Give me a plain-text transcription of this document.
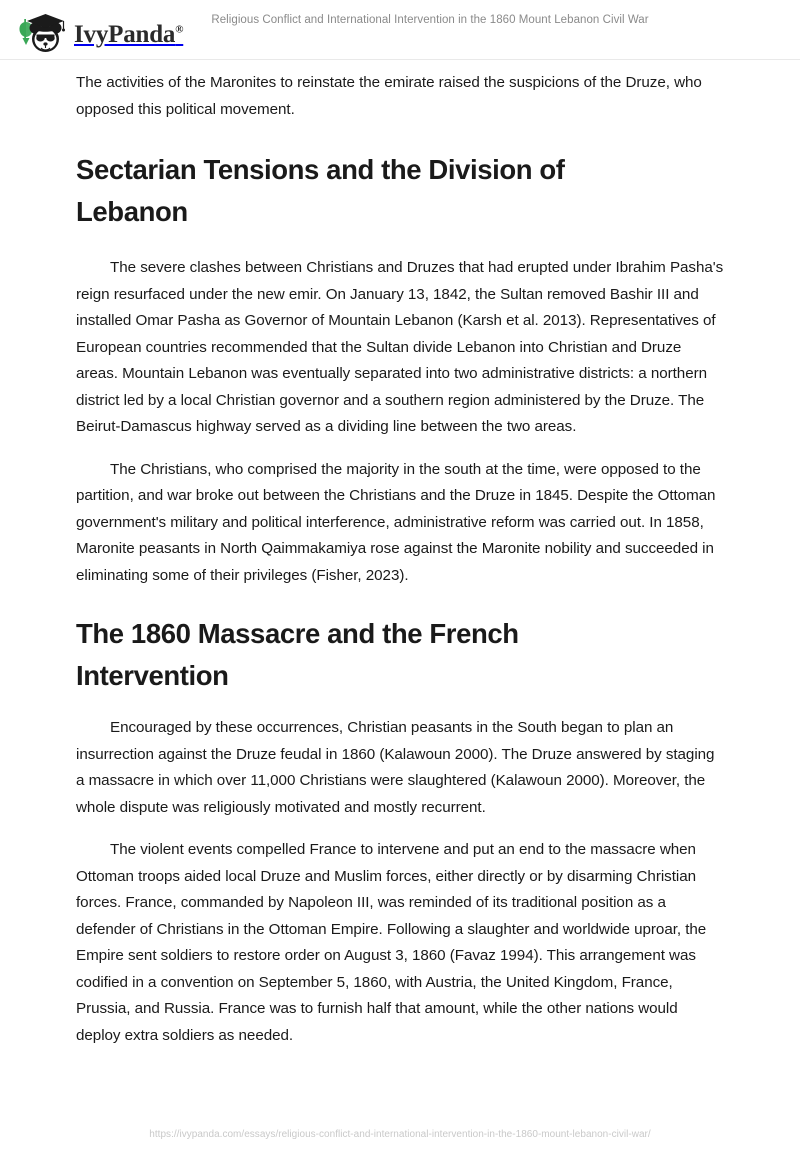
IvyPanda®
Religious Conflict and International Intervention in the 1860 Mount Lebanon Civil War

The activities of the Maronites to reinstate the emirate raised the suspicions of the Druze, who opposed this political movement.

Sectarian Tensions and the Division of Lebanon

The severe clashes between Christians and Druzes that had erupted under Ibrahim Pasha's reign resurfaced under the new emir. On January 13, 1842, the Sultan removed Bashir III and installed Omar Pasha as Governor of Mountain Lebanon (Karsh et al. 2013). Representatives of European countries recommended that the Sultan divide Lebanon into Christian and Druze areas. Mountain Lebanon was eventually separated into two administrative districts: a northern district led by a local Christian governor and a southern region administered by the Druze. The Beirut-Damascus highway served as a dividing line between the two areas.

The Christians, who comprised the majority in the south at the time, were opposed to the partition, and war broke out between the Christians and the Druze in 1845. Despite the Ottoman government's military and political interference, administrative reform was carried out. In 1858, Maronite peasants in North Qaimmakamiya rose against the Maronite nobility and succeeded in eliminating some of their privileges (Fisher, 2023).

The 1860 Massacre and the French Intervention

Encouraged by these occurrences, Christian peasants in the South began to plan an insurrection against the Druze feudal in 1860 (Kalawoun 2000). The Druze answered by staging a massacre in which over 11,000 Christians were slaughtered (Kalawoun 2000). Moreover, the whole dispute was religiously motivated and mostly recurrent.

The violent events compelled France to intervene and put an end to the massacre when Ottoman troops aided local Druze and Muslim forces, either directly or by disarming Christian forces. France, commanded by Napoleon III, was reminded of its traditional position as a defender of Christians in the Ottoman Empire. Following a slaughter and worldwide uproar, the Empire sent soldiers to restore order on August 3, 1860 (Favaz 1994). This arrangement was codified in a convention on September 5, 1860, with Austria, the United Kingdom, France, Prussia, and Russia. France was to furnish half that amount, while the other nations would deploy extra soldiers as needed.

https://ivypanda.com/essays/religious-conflict-and-international-intervention-in-the-1860-mount-lebanon-civil-war/
